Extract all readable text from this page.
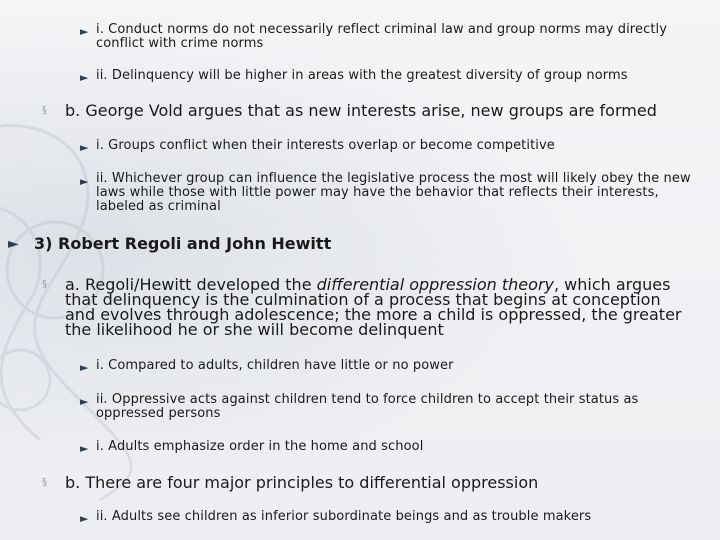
► i. Conduct norms do not necessarily reflect criminal law and group norms may directly conflict with crime norms
► ii. Delinquency will be higher in areas with the greatest diversity of group norms
§ b. George Vold argues that as new interests arise, new groups are formed
► i. Groups conflict when their interests overlap or become competitive
► ii. Whichever group can influence the legislative process the most will likely obey the new laws while those with little power may have the behavior that reflects their interests, labeled as criminal
► 3) Robert Regoli and John Hewitt
§ a. Regoli/Hewitt developed the differential oppression theory, which argues that delinquency is the culmination of a process that begins at conception and evolves through adolescence; the more a child is oppressed, the greater the likelihood he or she will become delinquent
► i. Compared to adults, children have little or no power
► ii. Oppressive acts against children tend to force children to accept their status as oppressed persons
► i. Adults emphasize order in the home and school
§ b. There are four major principles to differential oppression
► ii. Adults see children as inferior subordinate beings and as trouble makers
